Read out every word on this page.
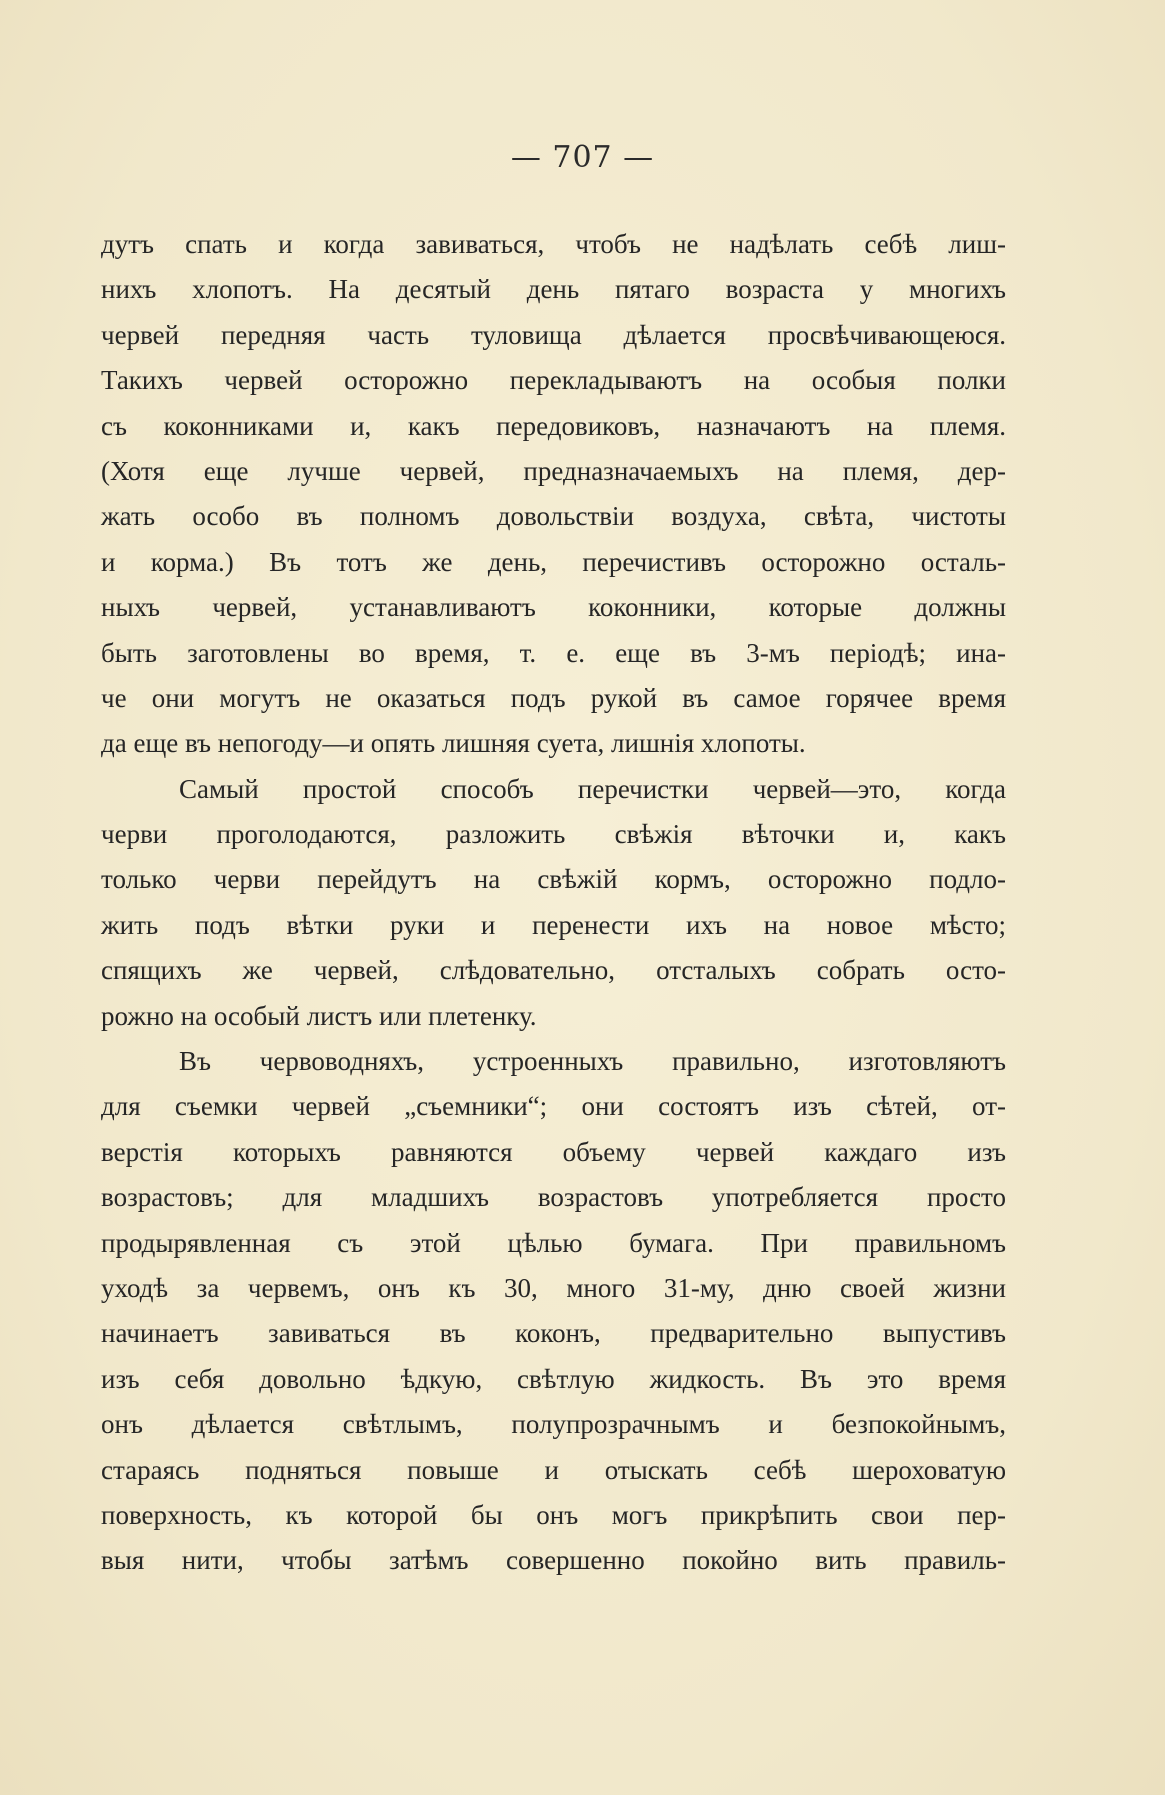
— 707 —
дутъ спать и когда завиваться, чтобъ не надѣлать себѣ лиш-
нихъ хлопотъ. На десятый день пятаго возраста у многихъ
червей передняя часть туловища дѣлается просвѣчивающеюся.
Такихъ червей осторожно перекладываютъ на особыя полки
съ коконниками и, какъ передовиковъ, назначаютъ на племя.
(Хотя еще лучше червей, предназначаемыхъ на племя, дер-
жать особо въ полномъ довольствіи воздуха, свѣта, чистоты
и корма.) Въ тотъ же день, перечистивъ осторожно осталь-
ныхъ червей, устанавливаютъ коконники, которые должны
быть заготовлены во время, т. е. еще въ 3-мъ періодѣ; ина-
че они могутъ не оказаться подъ рукой въ самое горячее время
да еще въ непогоду—и опять лишняя суета, лишнія хлопоты.
Самый простой способъ перечистки червей—это, когда
черви проголодаются, разложить свѣжія вѣточки и, какъ
только черви перейдутъ на свѣжій кормъ, осторожно подло-
жить подъ вѣтки руки и перенести ихъ на новое мѣсто;
спящихъ же червей, слѣдовательно, отсталыхъ собрать осто-
рожно на особый листъ или плетенку.
Въ червоводняхъ, устроенныхъ правильно, изготовляютъ
для съемки червей „съемники“; они состоятъ изъ сѣтей, от-
верстія которыхъ равняются объему червей каждаго изъ
возрастовъ; для младшихъ возрастовъ употребляется просто
продырявленная съ этой цѣлью бумага. При правильномъ
уходѣ за червемъ, онъ къ 30, много 31-му, дню своей жизни
начинаетъ завиваться въ коконъ, предварительно выпустивъ
изъ себя довольно ѣдкую, свѣтлую жидкость. Въ это время
онъ дѣлается свѣтлымъ, полупрозрачнымъ и безпокойнымъ,
стараясь подняться повыше и отыскать себѣ шероховатую
поверхность, къ которой бы онъ могъ прикрѣпить свои пер-
выя нити, чтобы затѣмъ совершенно покойно вить правиль-
